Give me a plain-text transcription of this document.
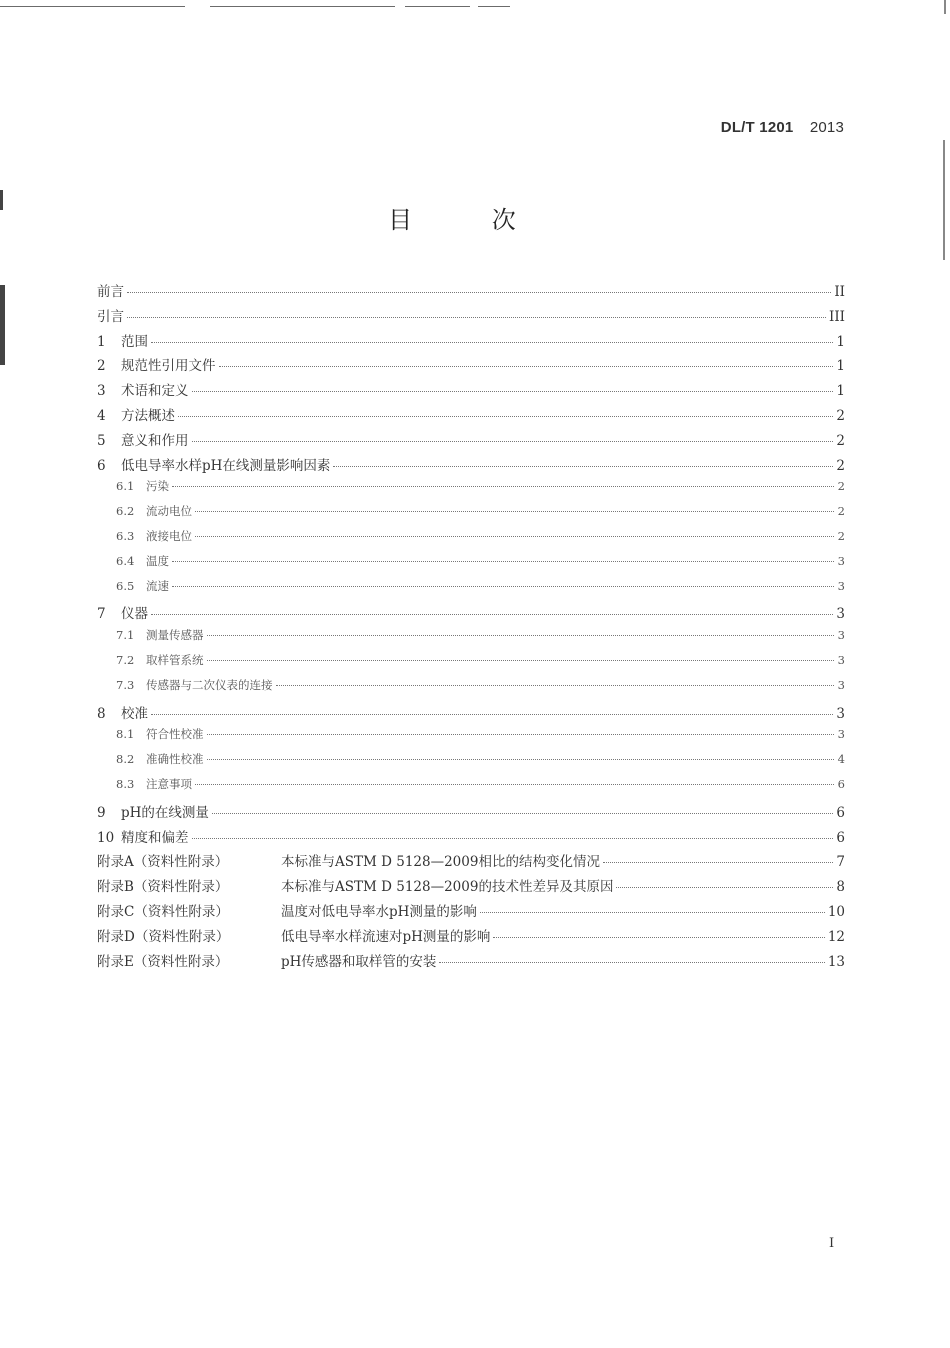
DL/T 1201 2013
目 次
前言	II
引言	III
1	范围	1
2	规范性引用文件	1
3	术语和定义	1
4	方法概述	2
5	意义和作用	2
6	低电导率水样pH在线测量影响因素	2
6.1	污染	2
6.2	流动电位	2
6.3	液接电位	2
6.4	温度	3
6.5	流速	3
7	仪器	3
7.1	测量传感器	3
7.2	取样管系统	3
7.3	传感器与二次仪表的连接	3
8	校准	3
8.1	符合性校准	3
8.2	准确性校准	4
8.3	注意事项	6
9	pH的在线测量	6
10 精度和偏差	6
附录A（资料性附录）	本标准与ASTM D 5128—2009相比的结构变化情况	7
附录B（资料性附录）	本标准与ASTM D 5128—2009的技术性差异及其原因	8
附录C（资料性附录）	温度对低电导率水pH测量的影响	10
附录D（资料性附录）	低电导率水样流速对pH测量的影响	12
附录E（资料性附录）	pH传感器和取样管的安装	13
I
